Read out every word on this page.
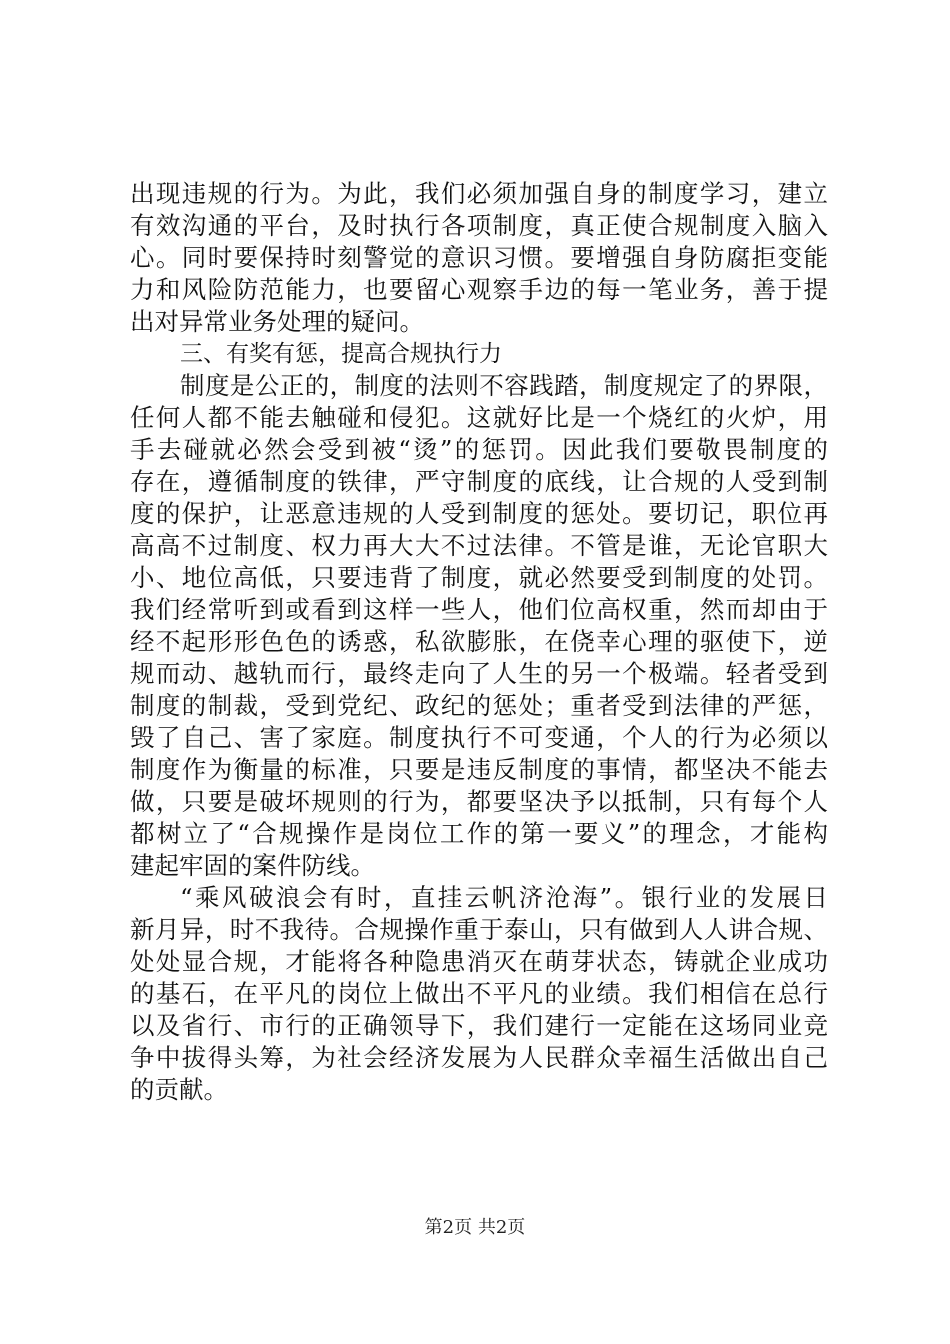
出现违规的行为。为此，我们必须加强自身的制度学习，建立
有效沟通的平台，及时执行各项制度，真正使合规制度入脑入
心。同时要保持时刻警觉的意识习惯。要增强自身防腐拒变能
力和风险防范能力，也要留心观察手边的每一笔业务，善于提
出对异常业务处理的疑问。
三、有奖有惩，提高合规执行力
制度是公正的，制度的法则不容践踏，制度规定了的界限，
任何人都不能去触碰和侵犯。这就好比是一个烧红的火炉，用
手去碰就必然会受到被“烫”的惩罚。因此我们要敬畏制度的
存在，遵循制度的铁律，严守制度的底线，让合规的人受到制
度的保护，让恶意违规的人受到制度的惩处。要切记，职位再
高高不过制度、权力再大大不过法律。不管是谁，无论官职大
小、地位高低，只要违背了制度，就必然要受到制度的处罚。
我们经常听到或看到这样一些人，他们位高权重，然而却由于
经不起形形色色的诱惑，私欲膨胀，在侥幸心理的驱使下，逆
规而动、越轨而行，最终走向了人生的另一个极端。轻者受到
制度的制裁，受到党纪、政纪的惩处；重者受到法律的严惩，
毁了自己、害了家庭。制度执行不可变通，个人的行为必须以
制度作为衡量的标准，只要是违反制度的事情，都坚决不能去
做，只要是破坏规则的行为，都要坚决予以抵制，只有每个人
都树立了“合规操作是岗位工作的第一要义”的理念，才能构
建起牢固的案件防线。
“乘风破浪会有时，直挂云帆济沧海”。银行业的发展日
新月异，时不我待。合规操作重于泰山，只有做到人人讲合规、
处处显合规，才能将各种隐患消灭在萌芽状态，铸就企业成功
的基石，在平凡的岗位上做出不平凡的业绩。我们相信在总行
以及省行、市行的正确领导下，我们建行一定能在这场同业竞
争中拔得头筹，为社会经济发展为人民群众幸福生活做出自己
的贡献。
第2页 共2页
